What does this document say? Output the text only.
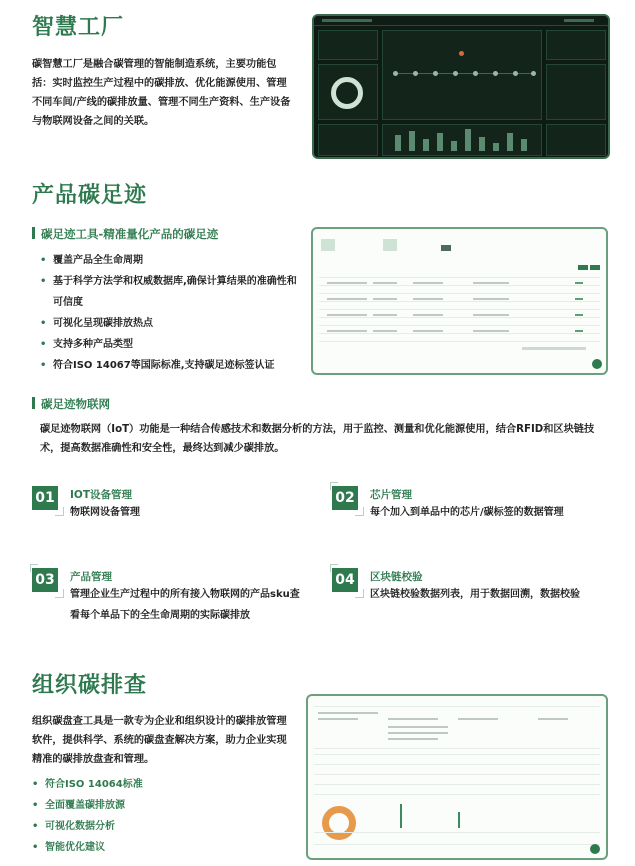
智慧工厂

碳智慧工厂是融合碳管理的智能制造系统，主要功能包括：实时监控生产过程中的碳排放、优化能源使用、管理不同车间/产线的碳排放量、管理不同生产资料、生产设备与物联网设备之间的关联。

产品碳足迹
碳足迹工具-精准量化产品的碳足迹
• 覆盖产品全生命周期
• 基于科学方法学和权威数据库,确保计算结果的准确性和可信度
• 可视化呈现碳排放热点
• 支持多种产品类型
• 符合ISO 14067等国际标准,支持碳足迹标签认证
碳足迹物联网

碳足迹物联网（IoT）功能是一种结合传感技术和数据分析的方法，用于监控、测量和优化能源使用，结合RFID和区块链技术，提高数据准确性和安全性，最终达到减少碳排放。

01	IOT设备管理
物联网设备管理
02	芯片管理
每个加入到单品中的芯片/碳标签的数据管理
03	产品管理
管理企业生产过程中的所有接入物联网的产品sku查看每个单品下的全生命周期的实际碳排放
04	区块链校验
区块链校验数据列表，用于数据回溯，数据校验
组织碳排查

组织碳盘查工具是一款专为企业和组织设计的碳排放管理软件，提供科学、系统的碳盘查解决方案，助力企业实现精准的碳排放盘查和管理。

• 符合ISO 14064标准
• 全面覆盖碳排放源
• 可视化数据分析
• 智能优化建议
